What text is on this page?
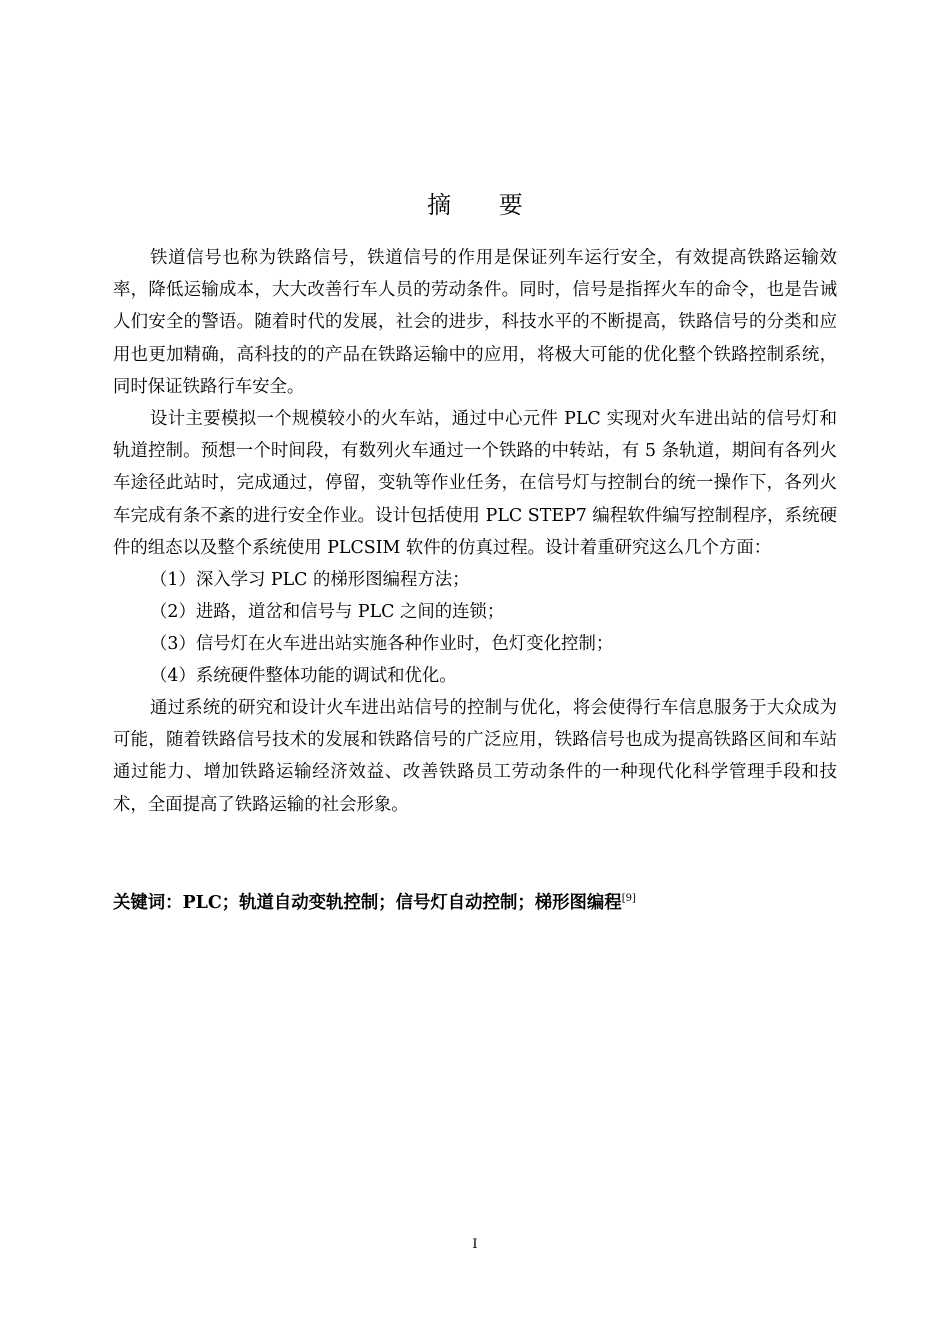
摘 要

铁道信号也称为铁路信号，铁道信号的作用是保证列车运行安全，有效提高铁路运输效率，降低运输成本，大大改善行车人员的劳动条件。同时，信号是指挥火车的命令，也是告诫人们安全的警语。随着时代的发展，社会的进步，科技水平的不断提高，铁路信号的分类和应用也更加精确，高科技的的产品在铁路运输中的应用，将极大可能的优化整个铁路控制系统，同时保证铁路行车安全。

设计主要模拟一个规模较小的火车站，通过中心元件 PLC 实现对火车进出站的信号灯和轨道控制。预想一个时间段，有数列火车通过一个铁路的中转站，有 5 条轨道，期间有各列火车途径此站时，完成通过，停留，变轨等作业任务，在信号灯与控制台的统一操作下，各列火车完成有条不紊的进行安全作业。设计包括使用 PLC STEP7 编程软件编写控制程序，系统硬件的组态以及整个系统使用 PLCSIM 软件的仿真过程。设计着重研究这么几个方面：

（1）深入学习 PLC 的梯形图编程方法；

（2）进路，道岔和信号与 PLC 之间的连锁；

（3）信号灯在火车进出站实施各种作业时，色灯变化控制；

（4）系统硬件整体功能的调试和优化。

通过系统的研究和设计火车进出站信号的控制与优化，将会使得行车信息服务于大众成为可能，随着铁路信号技术的发展和铁路信号的广泛应用，铁路信号也成为提高铁路区间和车站通过能力、增加铁路运输经济效益、改善铁路员工劳动条件的一种现代化科学管理手段和技术，全面提高了铁路运输的社会形象。

关键词：PLC；轨道自动变轨控制；信号灯自动控制；梯形图编程[9]

I
